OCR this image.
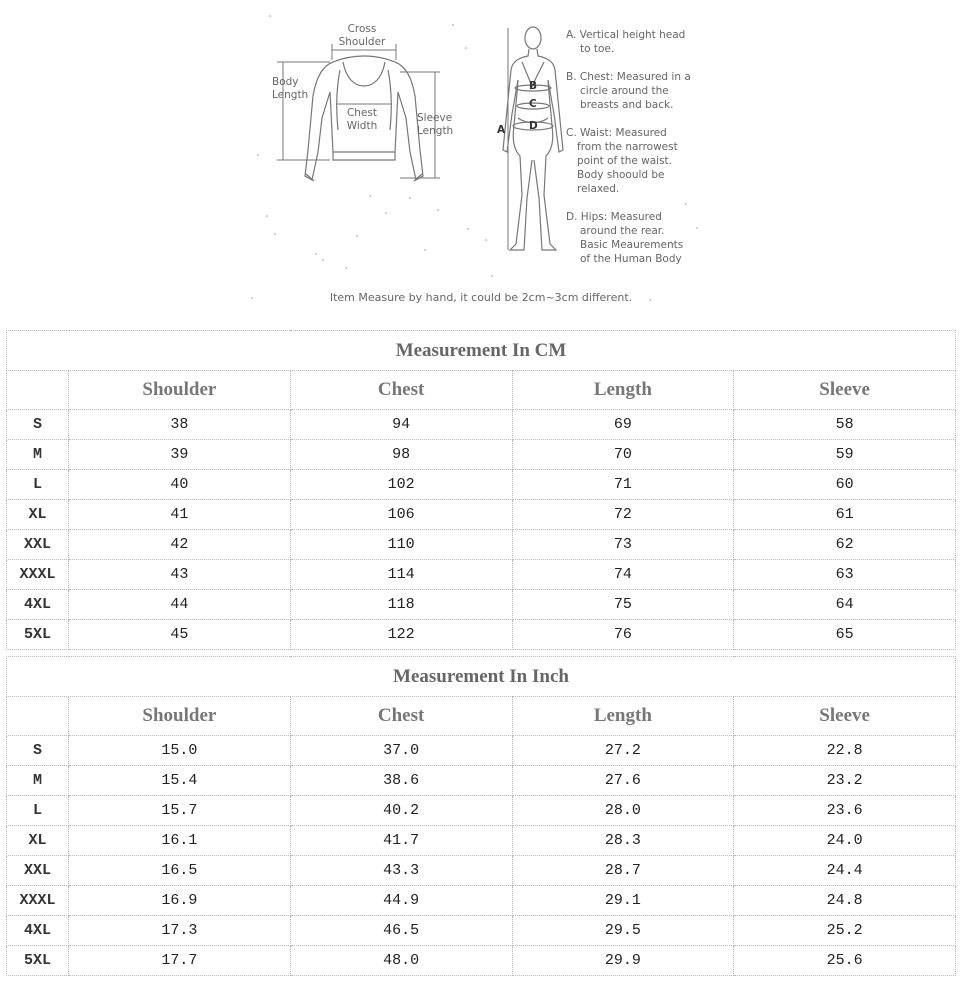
Cross
Shoulder
Body
Length
Chest
Width
Sleeve
Length	A
B
C
D
A. Vertical height head
to toe.
B. Chest: Measured in a
circle around the
breasts and back.
C. Waist: Measured
from the narrowest
point of the waist.
Body shoould be
relaxed.
D. Hips: Measured
around the rear.
Basic Meaurements
of the Human Body
Item Measure by hand, it could be 2cm~3cm different.
Measurement In CM				
	Shoulder	Chest	Length	Sleeve
S	38	94	69	58
M	39	98	70	59
L	40	102	71	60
XL	41	106	72	61
XXL	42	110	73	62
XXXL	43	114	74	63
4XL	44	118	75	64
5XL	45	122	76	65
Measurement In Inch				
	Shoulder	Chest	Length	Sleeve
S	15.0	37.0	27.2	22.8
M	15.4	38.6	27.6	23.2
L	15.7	40.2	28.0	23.6
XL	16.1	41.7	28.3	24.0
XXL	16.5	43.3	28.7	24.4
XXXL	16.9	44.9	29.1	24.8
4XL	17.3	46.5	29.5	25.2
5XL	17.7	48.0	29.9	25.6
